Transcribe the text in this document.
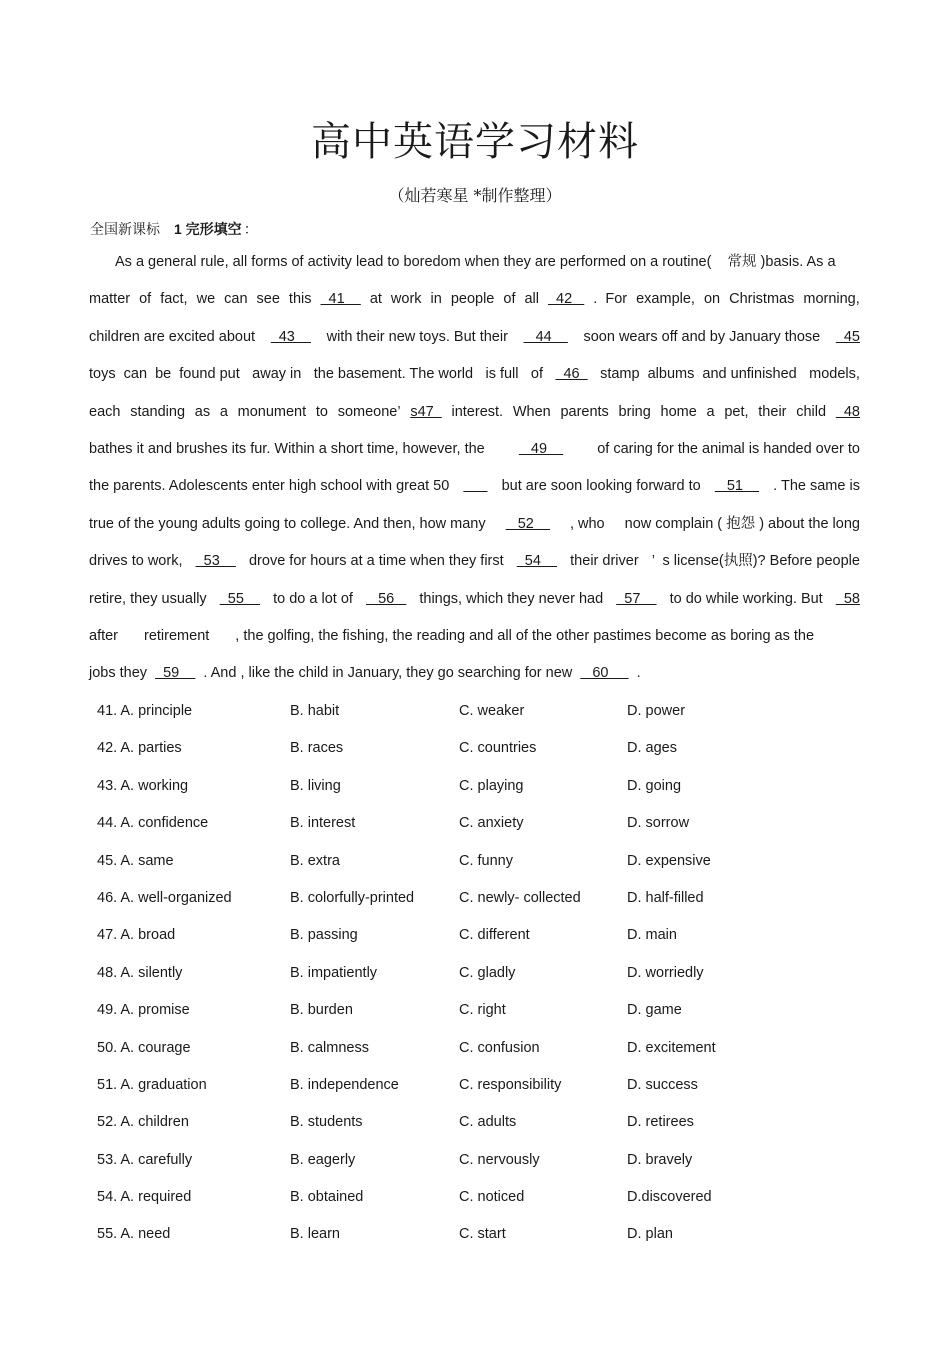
高中英语学习材料
（灿若寒星 *制作整理）
全国新课标 1 完形填空 ：
As a general rule, all forms of activity lead to boredom when they are performed on a routine(    常规 )basis. As a
matter of fact, we can see this 41 at work in people of all 42 .  For example, on Christmas morning,
children are excited about 43 with their new toys. But their 44 soon wears off and by January those 45
toys  can  be  found put away in the basement. The world is full of 46 stamp  albums  and unfinished models,
each standing as a monument to someone’ s47 interest. When parents bring home a pet, their child 48
bathes it and brushes its fur. Within a short time, however, the 49 of caring for the animal is handed over to
the parents. Adolescents enter high school with great 50
	but are soon looking forward to 51 . The same is
true of the young adults going to college. And then, how many 52 , who now complain ( 抱怨 ) about the long
drives to work, 53 drove for hours at a time when they first 54 their driver ’  s license(执照)? Before people
retire, they usually 55 to do a lot of 56 things, which they never had 57 to do while working. But 58
after retirement , the golfing, the fishing, the reading and all of the other pastimes become as boring as the
jobs they 59 . And , like the child in January, they go searching for new 60 .
41. A. principle	B. habit	C. weaker	D. power
42. A. parties	B. races	C. countries	D. ages
43. A. working	B. living	C. playing	D. going
44. A. confidence	B. interest	C. anxiety	D. sorrow
45. A. same	B. extra	C. funny	D. expensive
46. A. well-organized	B. colorfully-printed	C. newly- collected	D. half-filled
47. A. broad	B. passing	C. different	D. main
48. A. silently	B. impatiently	C. gladly	D. worriedly
49. A. promise	B. burden	C. right	D. game
50. A. courage	B. calmness	C. confusion	D. excitement
51. A. graduation	B. independence	C. responsibility	D. success
52. A. children	B. students	C. adults	D. retirees
53. A. carefully	B. eagerly	C. nervously	D. bravely
54. A. required	B. obtained	C. noticed	D.discovered
55. A. need	B. learn	C. start	D. plan
